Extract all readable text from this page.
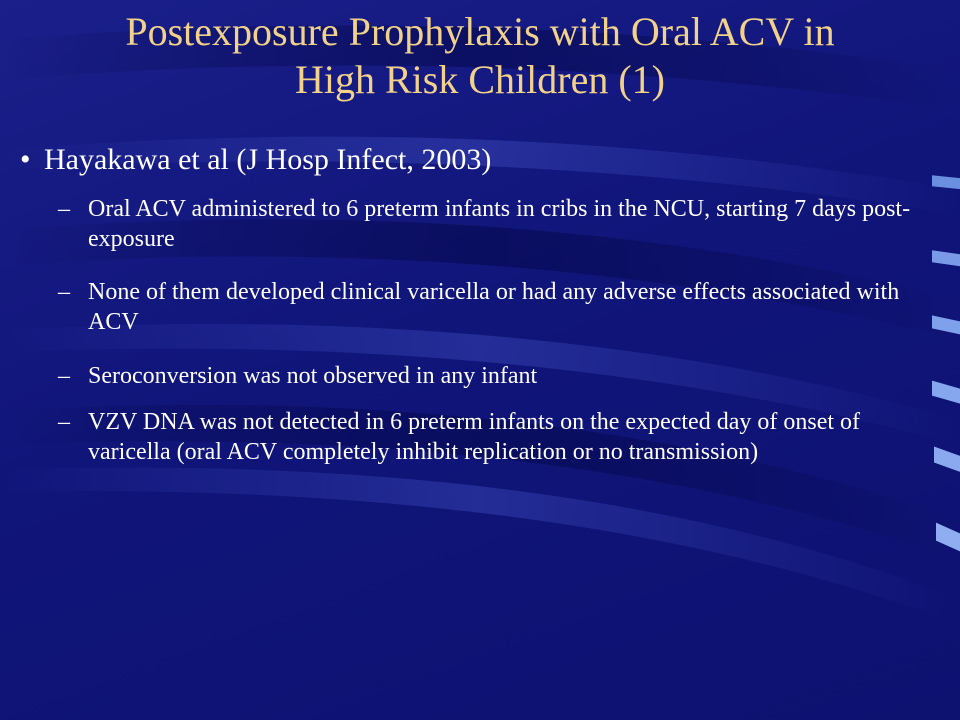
Postexposure Prophylaxis with Oral ACV in
High Risk Children (1)
• Hayakawa et al (J Hosp Infect, 2003)
– Oral ACV administered to 6 preterm infants in cribs in the NCU, starting 7 days post-exposure
– None of them developed clinical varicella or had any adverse effects associated with ACV
– Seroconversion was not observed in any infant
– VZV DNA was not detected in 6 preterm infants on the expected day of onset of varicella (oral ACV completely inhibit replication or no transmission)
